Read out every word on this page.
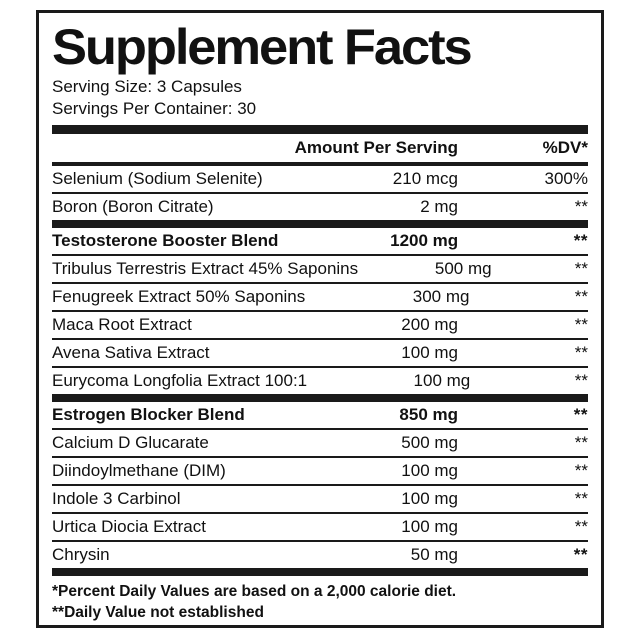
Supplement Facts
Serving Size: 3 Capsules
Servings Per Container: 30
Amount Per Serving	%DV*
Selenium (Sodium Selenite)	210 mcg	300%
Boron (Boron Citrate)	2 mg	**
Testosterone Booster Blend	1200 mg	**
Tribulus Terrestris Extract 45% Saponins	500 mg	**
Fenugreek Extract 50% Saponins	300 mg	**
Maca Root Extract	200 mg	**
Avena Sativa Extract	100 mg	**
Eurycoma Longfolia Extract 100:1	100 mg	**
Estrogen Blocker Blend	850 mg	**
Calcium D Glucarate	500 mg	**
Diindoylmethane (DIM)	100 mg	**
Indole 3 Carbinol	100 mg	**
Urtica Diocia Extract	100 mg	**
Chrysin	50 mg	**
*Percent Daily Values are based on a 2,000 calorie diet.
**Daily Value not established
